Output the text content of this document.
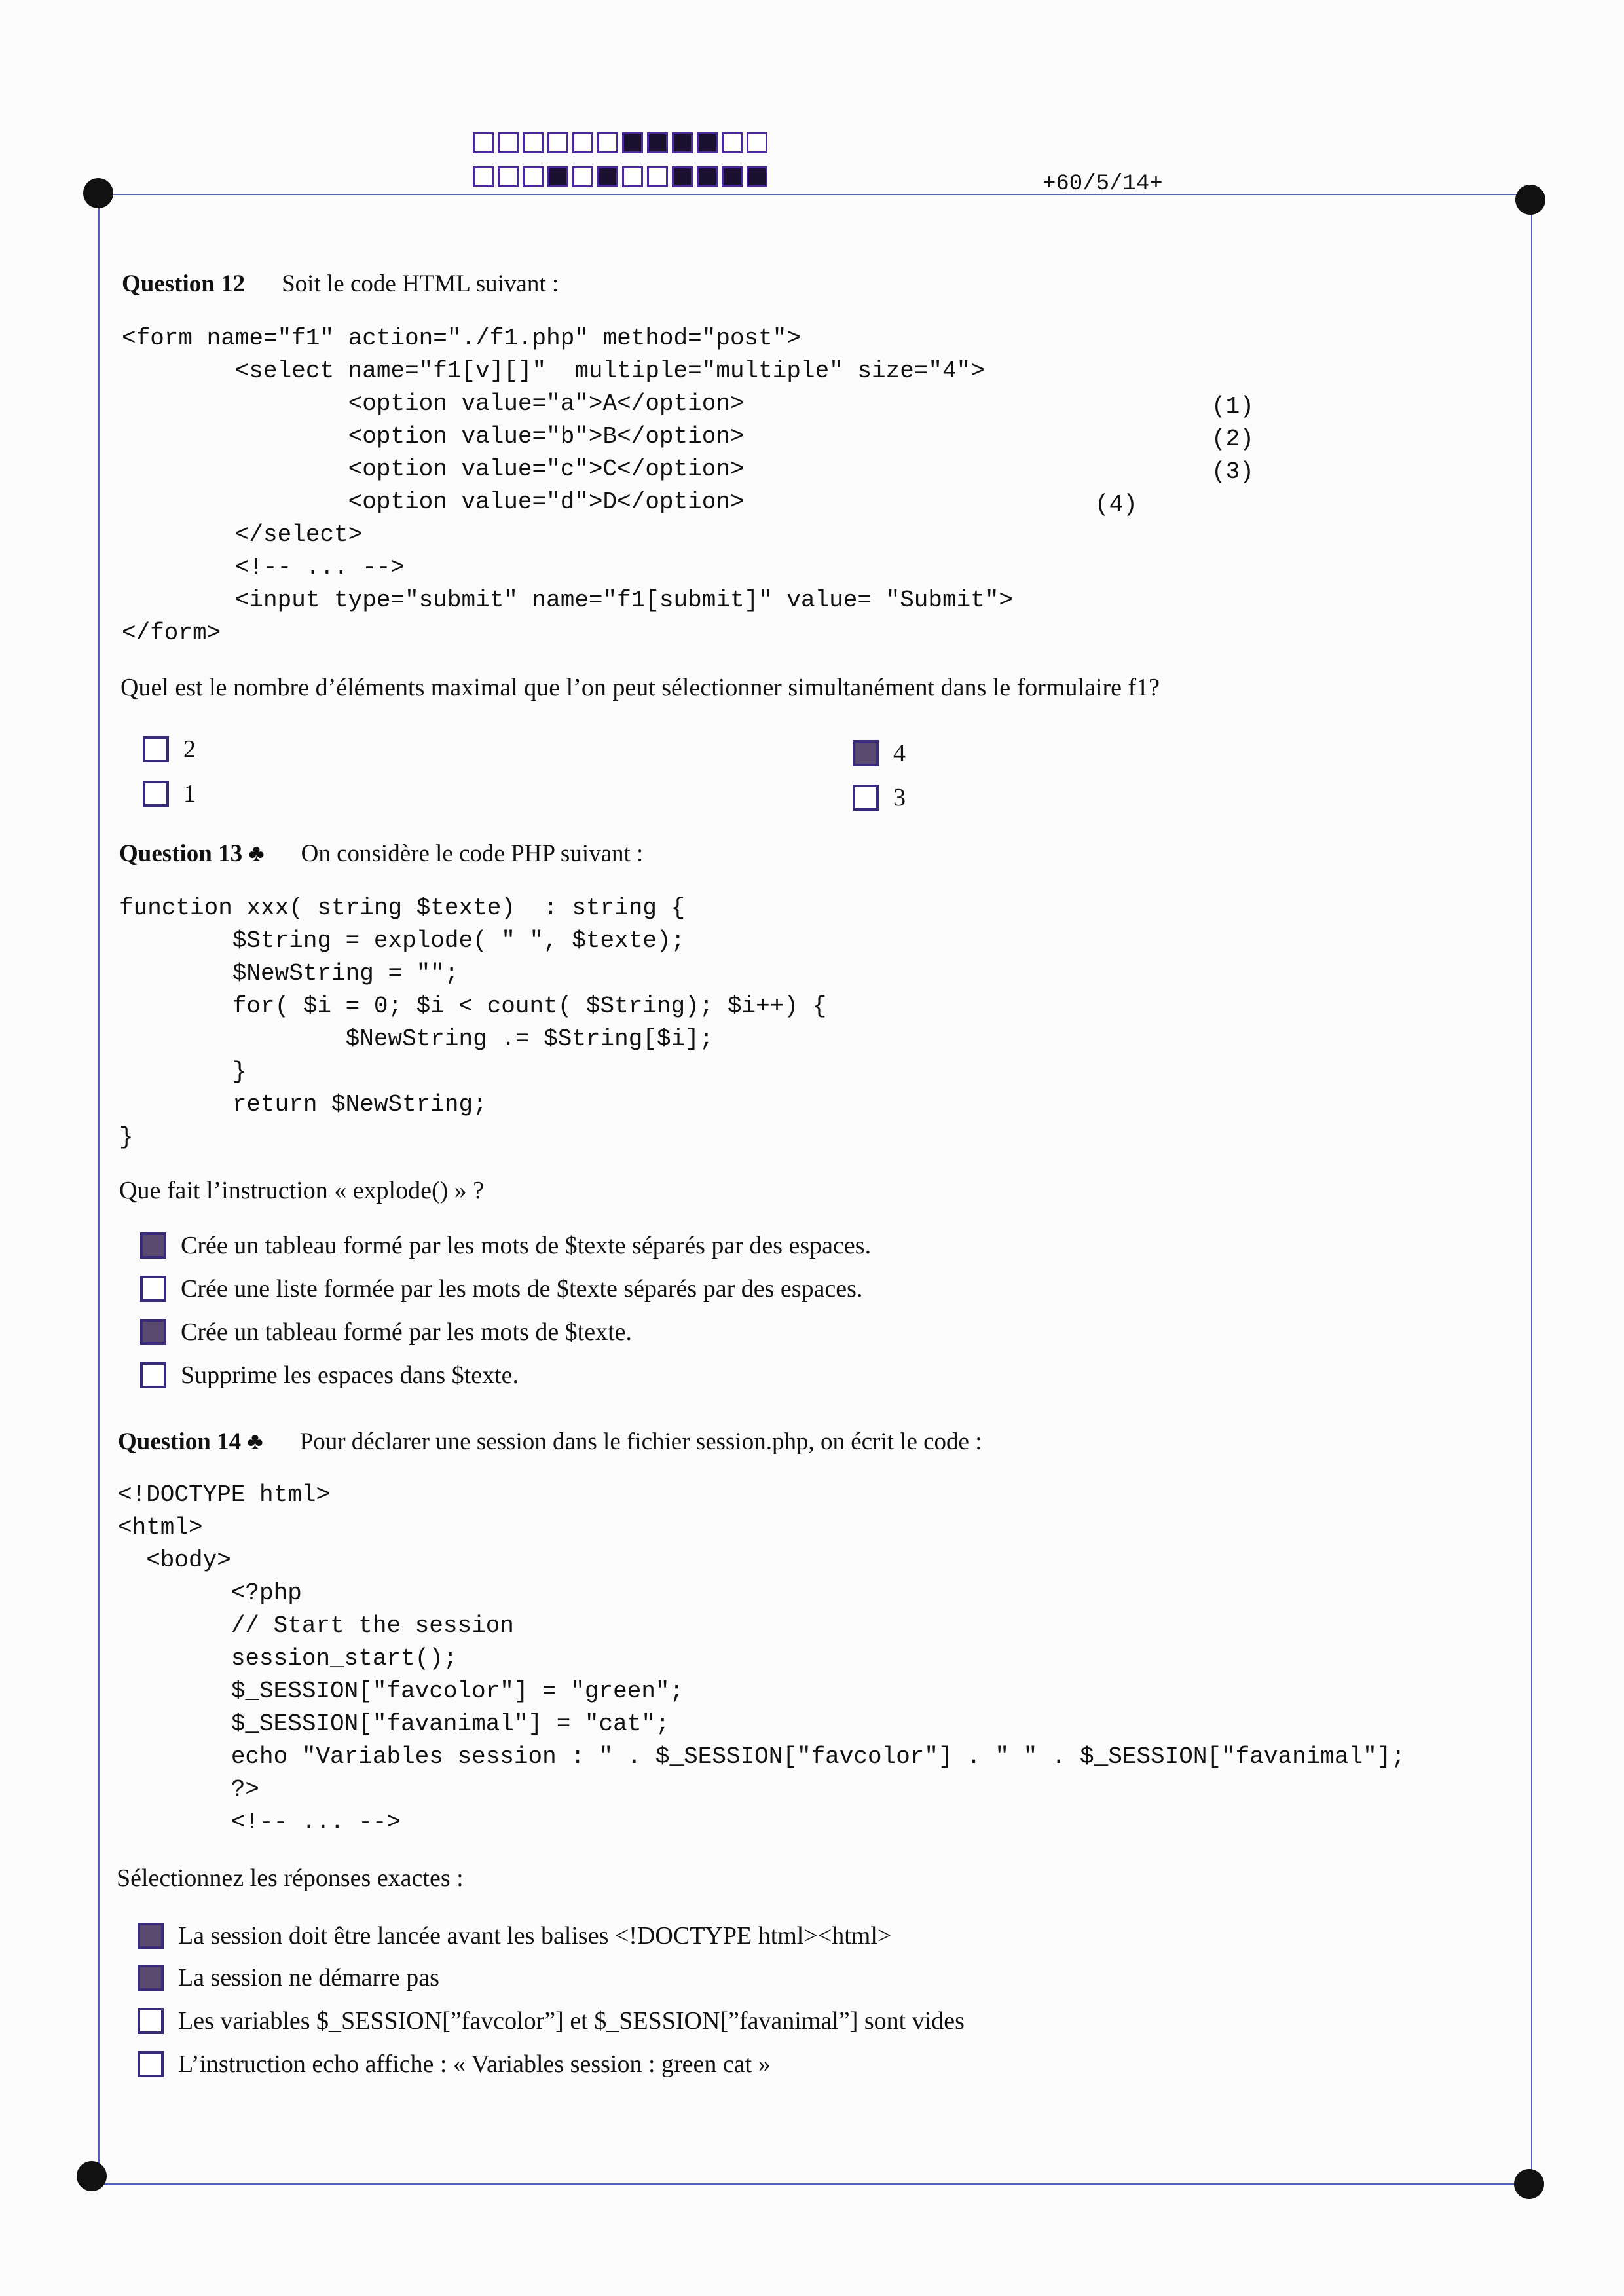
+60/5/14+
Question 12 Soit le code HTML suivant :
<form name="f1" action="./f1.php" method="post">
<select name="f1[v][]"  multiple="multiple" size="4">
<option value="a">A</option>
<option value="b">B</option>
<option value="c">C</option>
<option value="d">D</option>
</select>
<!-- ... -->
<input type="submit" name="f1[submit]" value= "Submit">
</form>
(1)
(2)
(3)
(4)
Quel est le nombre d’éléments maximal que l’on peut sélectionner simultanément dans le formulaire f1?
2
1
4
3
Question 13 ♣ On considère le code PHP suivant :
function xxx( string $texte)  : string {
$String = explode( " ", $texte);
$NewString = "";
for( $i = 0; $i < count( $String); $i++) {
$NewString .= $String[$i];
}
return $NewString;
}
Que fait l’instruction « explode() » ?
Crée un tableau formé par les mots de $texte séparés par des espaces.
Crée une liste formée par les mots de $texte séparés par des espaces.
Crée un tableau formé par les mots de $texte.
Supprime les espaces dans $texte.
Question 14 ♣ Pour déclarer une session dans le fichier session.php, on écrit le code :
<!DOCTYPE html>
<html>
<body>
<?php
// Start the session
session_start();
$_SESSION["favcolor"] = "green";
$_SESSION["favanimal"] = "cat";
echo "Variables session : " . $_SESSION["favcolor"] . " " . $_SESSION["favanimal"];
?>
<!-- ... -->
Sélectionnez les réponses exactes :
La session doit être lancée avant les balises <!DOCTYPE html><html>
La session ne démarre pas
Les variables $_SESSION[”favcolor”] et $_SESSION[”favanimal”] sont vides
L’instruction echo affiche : « Variables session : green cat »
